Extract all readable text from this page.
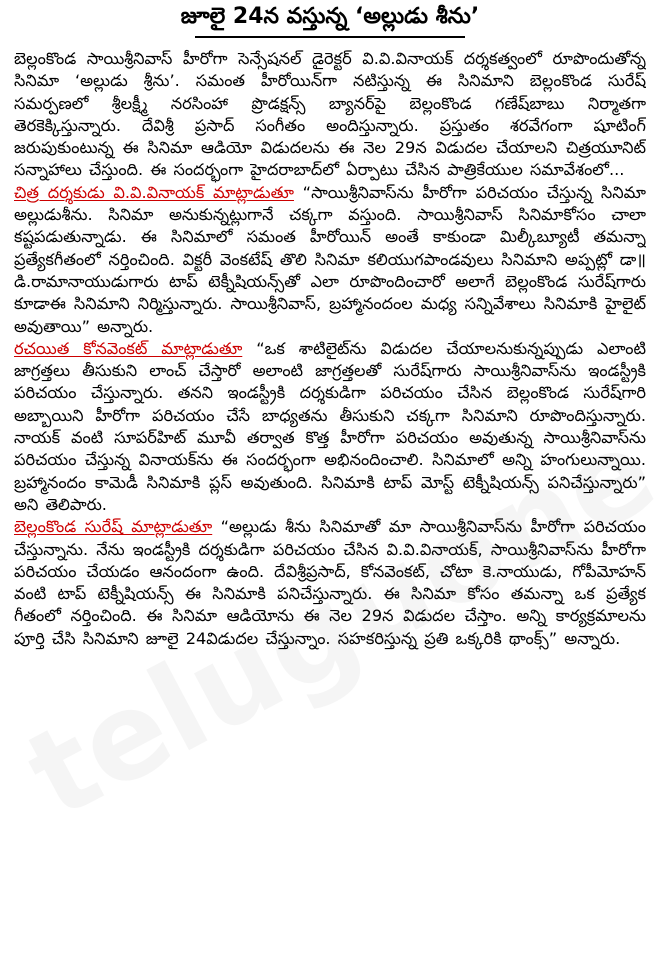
జూలై 24న వస్తున్న ‘అల్లుడు శీను’

బెల్లంకొండ సాయిశ్రీనివాస్ హీరోగా సెన్సేషనల్ డైరెక్టర్ వి.వి.వినాయక్ దర్శకత్వంలో రూపొందుతోన్న సినిమా ‘అల్లుడు శ్రీను’. సమంత హీరోయిన్‌గా నటిస్తున్న ఈ సినిమాని బెల్లంకొండ సురేష్ సమర్పణలో శ్రీలక్ష్మీ నరసింహా ప్రొడక్షన్స్ బ్యానర్‌పై బెల్లంకొండ గణేష్‌బాబు నిర్మాతగా తెరకెక్కిస్తున్నారు. దేవిశ్రీ ప్రసాద్ సంగీతం అందిస్తున్నారు. ప్రస్తుతం శరవేగంగా షూటింగ్ జరుపుకుంటున్న ఈ సినిమా ఆడియో విడుదలను ఈ నెల 29న విడుదల చేయాలని చిత్రయూనిట్ సన్నాహాలు చేస్తుంది. ఈ సందర్భంగా హైదరాబాద్‌లో ఏర్పాటు చేసిన పాత్రికేయుల సమావేశంలో...

చిత్ర దర్శకుడు వి.వి.వినాయక్ మాట్లాడుతూ “సాయిశ్రీనివాస్‌ను హీరోగా పరిచయం చేస్తున్న సినిమా అల్లుడుశీను. సినిమా అనుకున్నట్లుగానే చక్కగా వస్తుంది. సాయిశ్రీనివాస్ సినిమాకోసం చాలా కష్టపడుతున్నాడు. ఈ సినిమాలో సమంత హీరోయిన్ అంతే కాకుండా మిల్కీబ్యూటీ తమన్నా ప్రత్యేకగీతంలో నర్తించింది. విక్టరీ వెంకటేష్ తొలి సినిమా కలియుగపాండవులు సినిమాని అప్పట్లో డా॥డి.రామానాయుడుగారు టాప్ టెక్నీషియన్స్‌తో ఎలా రూపొందించారో అలాగే బెల్లంకొండ సురేష్‌గారు కూడాఈ సినిమాని నిర్మిస్తున్నారు. సాయిశ్రీనివాస్, బ్రహ్మానందంల మధ్య సన్నివేశాలు సినిమాకి హైలైట్ అవుతాయి” అన్నారు.

రచయిత కోనవెంకట్ మాట్లాడుతూ “ఒక శాటిలైట్‌ను విడుదల చేయాలనుకున్నప్పుడు ఎలాంటి జాగ్రత్తలు తీసుకుని లాంచ్ చేస్తారో అలాంటి జాగ్రత్తలతో సురేష్‌గారు సాయిశ్రీనివాస్‌ను ఇండస్ట్రీకి పరిచయం చేస్తున్నారు. తనని ఇండస్ట్రీకి దర్శకుడిగా పరిచయం చేసిన బెల్లంకొండ సురేష్‌గారి అబ్బాయిని హీరోగా పరిచయం చేసే బాధ్యతను తీసుకుని చక్కగా సినిమాని రూపొందిస్తున్నారు. నాయక్ వంటి సూపర్‌హిట్ మూవీ తర్వాత కొత్త హీరోగా పరిచయం అవుతున్న సాయిశ్రీనివాస్‌ను పరిచయం చేస్తున్న వినాయక్‌ను ఈ సందర్భంగా అభినందించాలి. సినిమాలో అన్ని హంగులున్నాయి. బ్రహ్మానందం కామెడీ సినిమాకి ప్లస్ అవుతుంది. సినిమాకి టాప్ మోస్ట్ టెక్నీషియన్స్ పనిచేస్తున్నారు” అని తెలిపారు.

బెల్లంకొండ సురేష్ మాట్లాడుతూ “అల్లుడు శీను సినిమాతో మా సాయిశ్రీనివాస్‌ను హీరోగా పరిచయం చేస్తున్నాను. నేను ఇండస్ట్రీకి దర్శకుడిగా పరిచయం చేసిన వి.వి.వినాయక్, సాయిశ్రీనివాస్‌ను హీరోగా పరిచయం చేయడం ఆనందంగా ఉంది. దేవిశ్రీప్రసాద్, కోనవెంకట్, చోటా కె.నాయుడు, గోపీమోహన్ వంటి టాప్ టెక్నీషియన్స్ ఈ సినిమాకి పనిచేస్తున్నారు. ఈ సినిమా కోసం తమన్నా ఒక ప్రత్యేక గీతంలో నర్తించింది. ఈ సినిమా ఆడియోను ఈ నెల 29న విడుదల చేస్తాం. అన్ని కార్యక్రమాలను పూర్తి చేసి సినిమాని జూలై 24విడుదల చేస్తున్నాం. సహకరిస్తున్న ప్రతి ఒక్కరికి థాంక్స్” అన్నారు.
